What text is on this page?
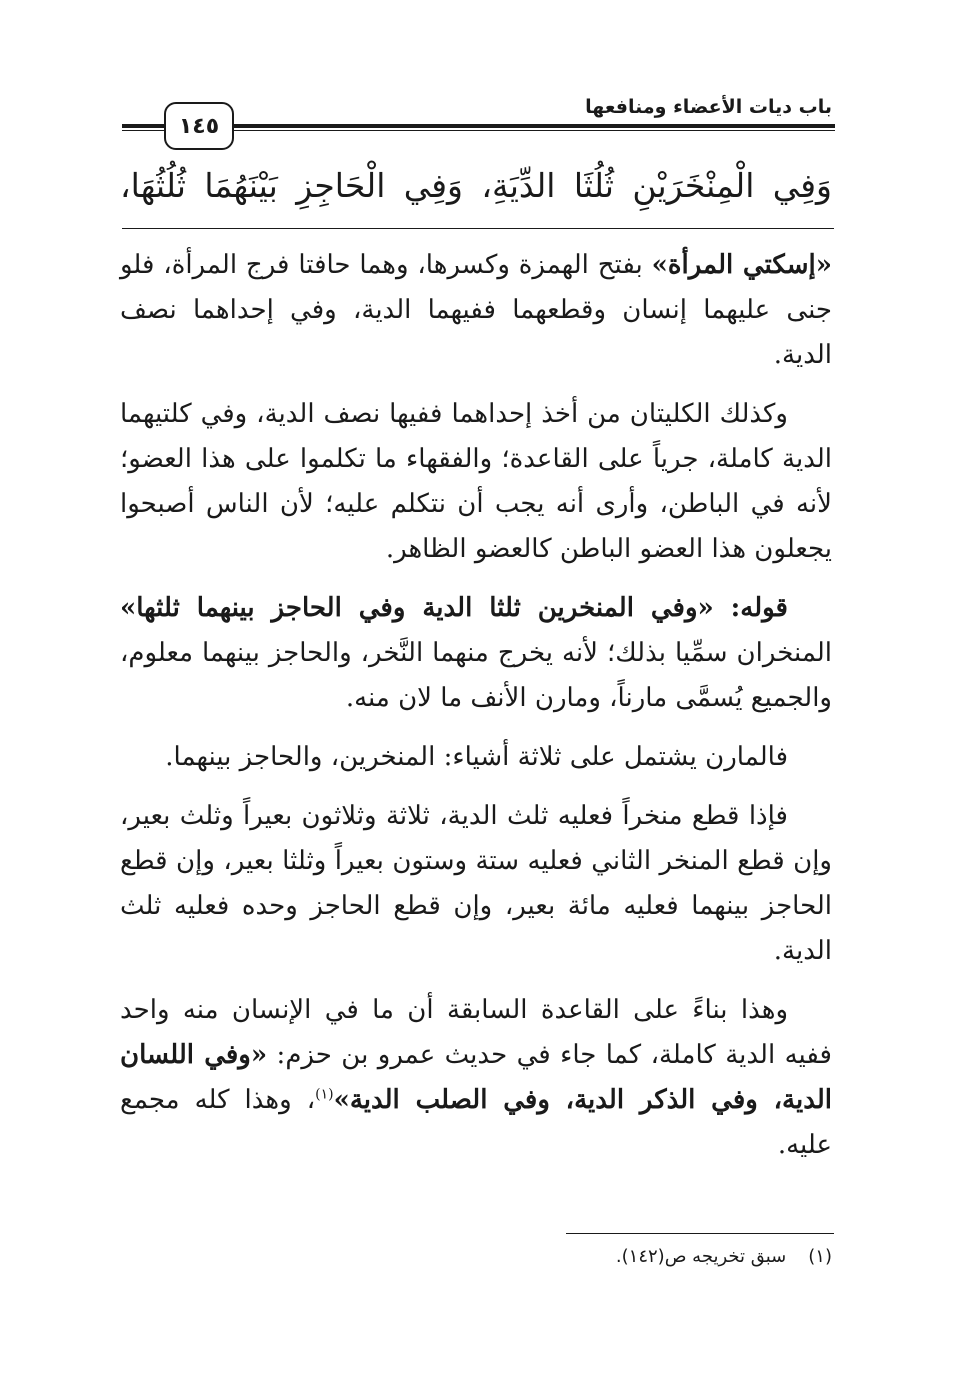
باب ديات الأعضاء ومنافعها
١٤٥
وَفِي الْمِنْخَرَيْنِ ثُلُثَا الدِّيَةِ، وَفِي الْحَاجِزِ بَيْنَهُمَا ثُلُثُهَا،

«إسكتي المرأة» بفتح الهمزة وكسرها، وهما حافتا فرج المرأة، فلو جنى عليهما إنسان وقطعهما ففيهما الدية، وفي إحداهما نصف الدية.

وكذلك الكليتان من أخذ إحداهما ففيها نصف الدية، وفي كلتيهما الدية كاملة، جرياً على القاعدة؛ والفقهاء ما تكلموا على هذا العضو؛ لأنه في الباطن، وأرى أنه يجب أن نتكلم عليه؛ لأن الناس أصبحوا يجعلون هذا العضو الباطن كالعضو الظاهر.

قوله: «وفي المنخرين ثلثا الدية وفي الحاجز بينهما ثلثها» المنخران سمِّيا بذلك؛ لأنه يخرج منهما النَّخر، والحاجز بينهما معلوم، والجميع يُسمَّى مارناً، ومارن الأنف ما لان منه.

فالمارن يشتمل على ثلاثة أشياء: المنخرين، والحاجز بينهما.

فإذا قطع منخراً فعليه ثلث الدية، ثلاثة وثلاثون بعيراً وثلث بعير، وإن قطع المنخر الثاني فعليه ستة وستون بعيراً وثلثا بعير، وإن قطع الحاجز بينهما فعليه مائة بعير، وإن قطع الحاجز وحده فعليه ثلث الدية.

وهذا بناءً على القاعدة السابقة أن ما في الإنسان منه واحد ففيه الدية كاملة، كما جاء في حديث عمرو بن حزم: «وفي اللسان الدية، وفي الذكر الدية، وفي الصلب الدية»$^{(١)}$، وهذا كله مجمع عليه.

(١)سبق تخريجه ص(١٤٢).
